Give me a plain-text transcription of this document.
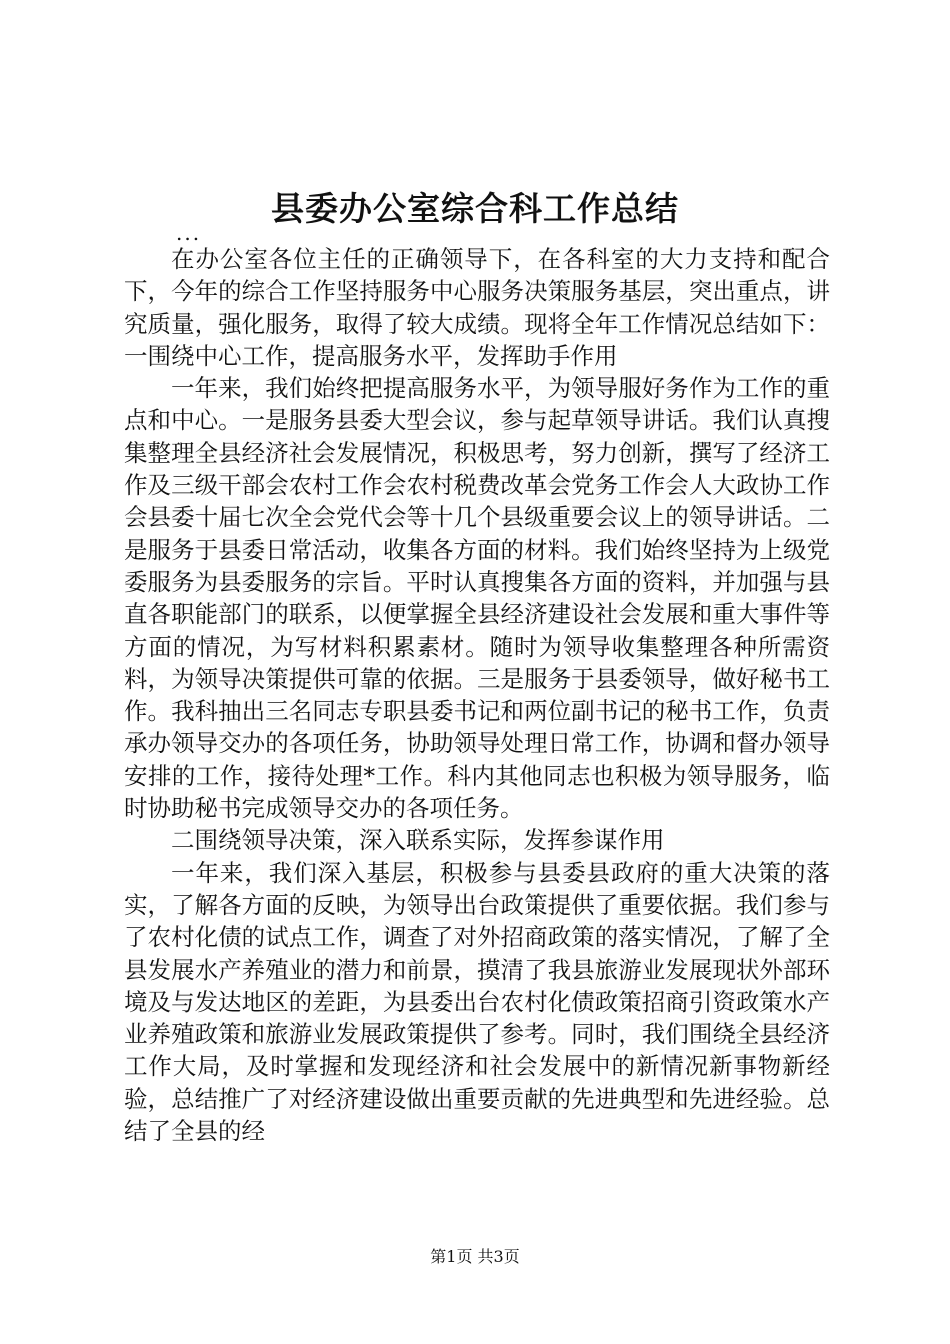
县委办公室综合科工作总结
...

在办公室各位主任的正确领导下，在各科室的大力支持和配合下，今年的综合工作坚持服务中心服务决策服务基层，突出重点，讲究质量，强化服务，取得了较大成绩。现将全年工作情况总结如下：一围绕中心工作，提高服务水平，发挥助手作用

一年来，我们始终把提高服务水平，为领导服好务作为工作的重点和中心。一是服务县委大型会议，参与起草领导讲话。我们认真搜集整理全县经济社会发展情况，积极思考，努力创新，撰写了经济工作及三级干部会农村工作会农村税费改革会党务工作会人大政协工作会县委十届七次全会党代会等十几个县级重要会议上的领导讲话。二是服务于县委日常活动，收集各方面的材料。我们始终坚持为上级党委服务为县委服务的宗旨。平时认真搜集各方面的资料，并加强与县直各职能部门的联系，以便掌握全县经济建设社会发展和重大事件等方面的情况，为写材料积累素材。随时为领导收集整理各种所需资料，为领导决策提供可靠的依据。三是服务于县委领导，做好秘书工作。我科抽出三名同志专职县委书记和两位副书记的秘书工作，负责承办领导交办的各项任务，协助领导处理日常工作，协调和督办领导安排的工作，接待处理*工作。科内其他同志也积极为领导服务，临时协助秘书完成领导交办的各项任务。

二围绕领导决策，深入联系实际，发挥参谋作用

一年来，我们深入基层，积极参与县委县政府的重大决策的落实，了解各方面的反映，为领导出台政策提供了重要依据。我们参与了农村化债的试点工作，调查了对外招商政策的落实情况，了解了全县发展水产养殖业的潜力和前景，摸清了我县旅游业发展现状外部环境及与发达地区的差距，为县委出台农村化债政策招商引资政策水产业养殖政策和旅游业发展政策提供了参考。同时，我们围绕全县经济工作大局，及时掌握和发现经济和社会发展中的新情况新事物新经验，总结推广了对经济建设做出重要贡献的先进典型和先进经验。总结了全县的经

第1页 共3页
